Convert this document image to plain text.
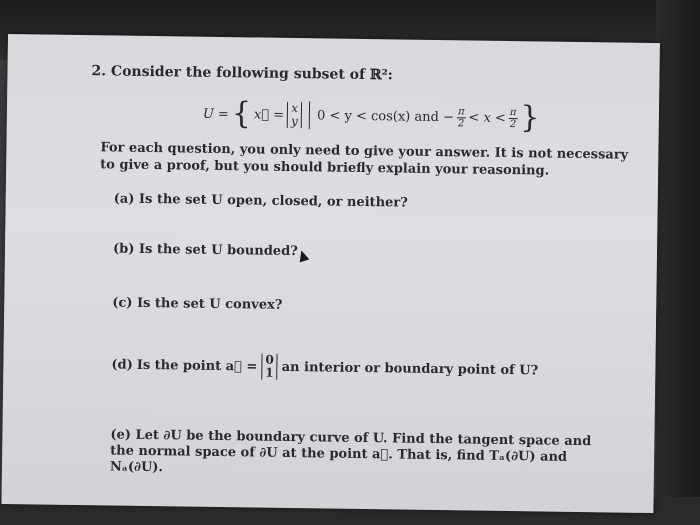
2. Consider the following subset of ℝ²:
U = { x⃗ = x
y 0 < y < cos(x) and − $\frac{\pi}{2} < x < \frac{\pi}{2}$ }
For each question, you only need to give your answer. It is not necessary to give a proof, but you should briefly explain your reasoning.
(a) Is the set U open, closed, or neither?
(b) Is the set U bounded?
(c) Is the set U convex?
(d) Is the point a⃗ = 0
1 an interior or boundary point of U?
(e) Let ∂U be the boundary curve of U. Find the tangent space and the normal space of ∂U at the point a⃗. That is, find Tₐ(∂U) and Nₐ(∂U).
